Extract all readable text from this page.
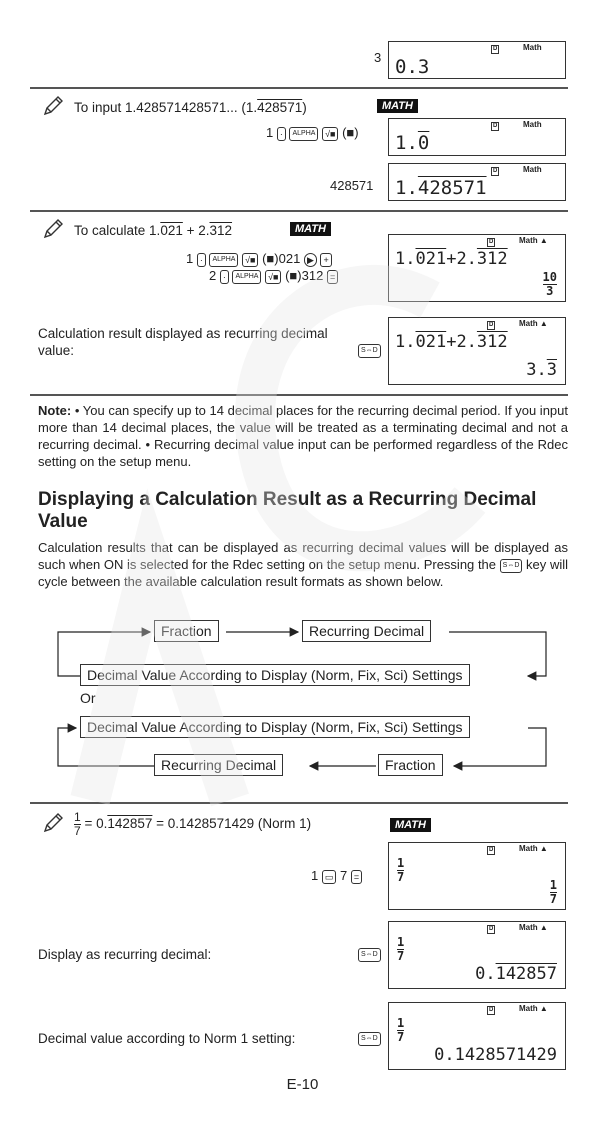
3
D	Math
0.3
To input 1.428571428571... (1.428571)	MATH
1 · ALPHA √■ (■)	D	Math
1.0
428571
D	Math
1.428571
To calculate 1.021 + 2.312	MATH
1 · ALPHA √■ (■)021 ▶ +
2 · ALPHA √■ (■)312 =
D	Math ▲
1.021+2.312
$\frac{10}{3}$
Calculation result displayed as recurring decimal value:	S⇔D
D	Math ▲
1.021+2.312
3.3
Note: • You can specify up to 14 decimal places for the recurring decimal period. If you input more than 14 decimal places, the value will be treated as a terminating decimal and not a recurring decimal. • Recurring decimal value input can be performed regardless of the Rdec setting on the setup menu.
Displaying a Calculation Result as a Recurring Decimal Value
Calculation results that can be displayed as recurring decimal values will be displayed as such when ON is selected for the Rdec setting on the setup menu. Pressing the S⇔D key will cycle between the available calculation result formats as shown below.
Fraction	Recurring Decimal
Decimal Value According to Display (Norm, Fix, Sci) Settings
Or
Decimal Value According to Display (Norm, Fix, Sci) Settings
Recurring Decimal	Fraction
$\frac{1}{7} = 0.142857 = 0.1428571429$ (Norm 1)	MATH
1 ▭ 7 =
D	Math ▲
$\frac{1}{7}$
$\frac{1}{7}$
Display as recurring decimal:	S⇔D
D	Math ▲
$\frac{1}{7}$
0.142857
Decimal value according to Norm 1 setting:	S⇔D
D	Math ▲
$\frac{1}{7}$
0.1428571429
E-10
